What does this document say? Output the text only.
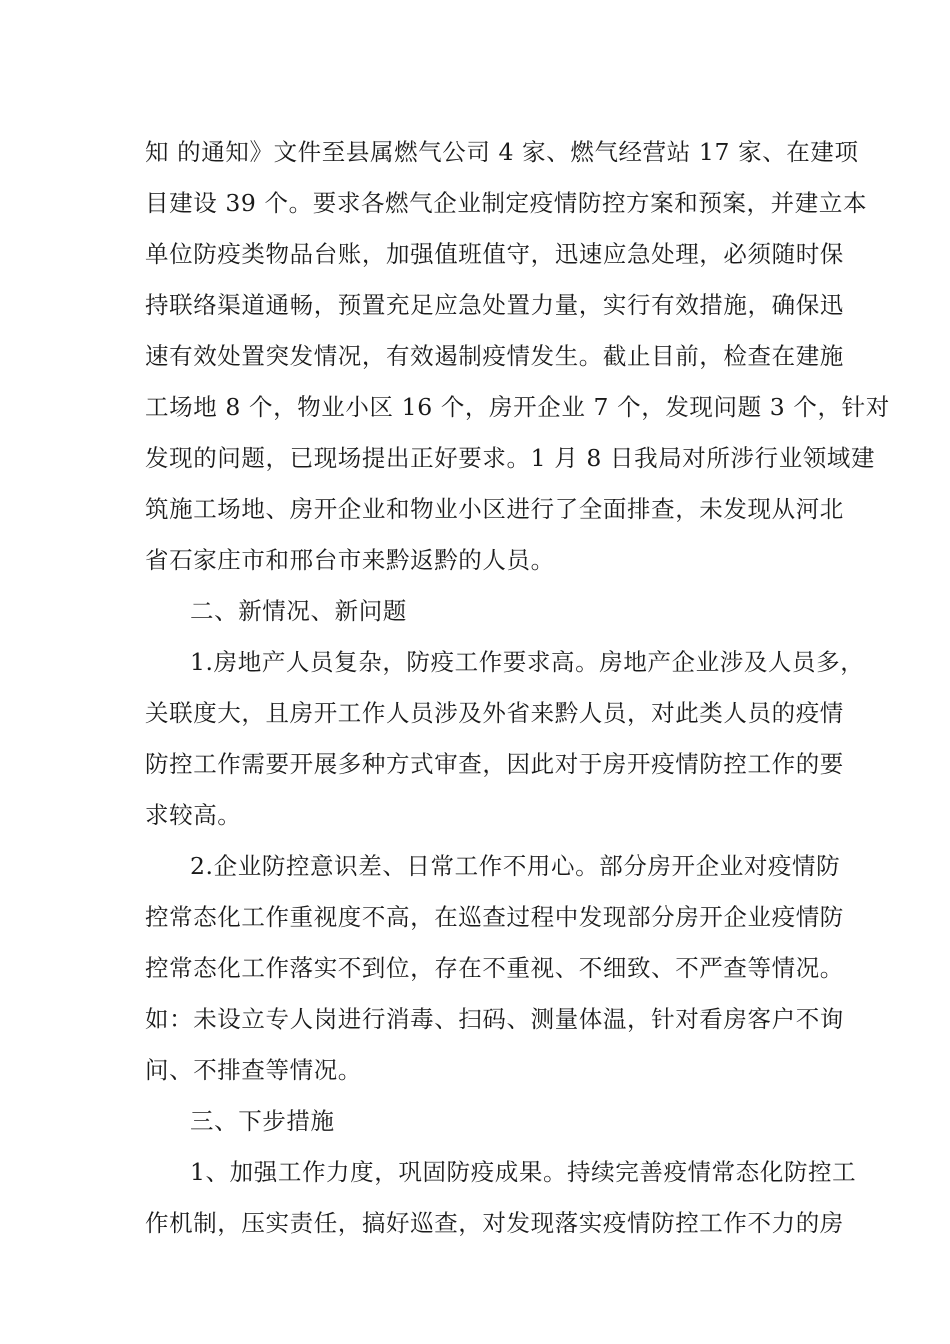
知 的通知》文件至县属燃气公司 4 家、燃气经营站 17 家、在建项
目建设 39 个。要求各燃气企业制定疫情防控方案和预案，并建立本
单位防疫类物品台账，加强值班值守，迅速应急处理，必须随时保
持联络渠道通畅，预置充足应急处置力量，实行有效措施，确保迅
速有效处置突发情况，有效遏制疫情发生。截止目前，检查在建施
工场地 8 个，物业小区 16 个，房开企业 7 个，发现问题 3 个，针对
发现的问题，已现场提出正好要求。1 月 8 日我局对所涉行业领域建
筑施工场地、房开企业和物业小区进行了全面排查，未发现从河北
省石家庄市和邢台市来黔返黔的人员。
二、新情况、新问题
1.房地产人员复杂，防疫工作要求高。房地产企业涉及人员多，
关联度大，且房开工作人员涉及外省来黔人员，对此类人员的疫情
防控工作需要开展多种方式审查，因此对于房开疫情防控工作的要
求较高。
2.企业防控意识差、日常工作不用心。部分房开企业对疫情防
控常态化工作重视度不高，在巡查过程中发现部分房开企业疫情防
控常态化工作落实不到位，存在不重视、不细致、不严查等情况。
如：未设立专人岗进行消毒、扫码、测量体温，针对看房客户不询
问、不排查等情况。
三、下步措施
1、加强工作力度，巩固防疫成果。持续完善疫情常态化防控工
作机制，压实责任，搞好巡查，对发现落实疫情防控工作不力的房
